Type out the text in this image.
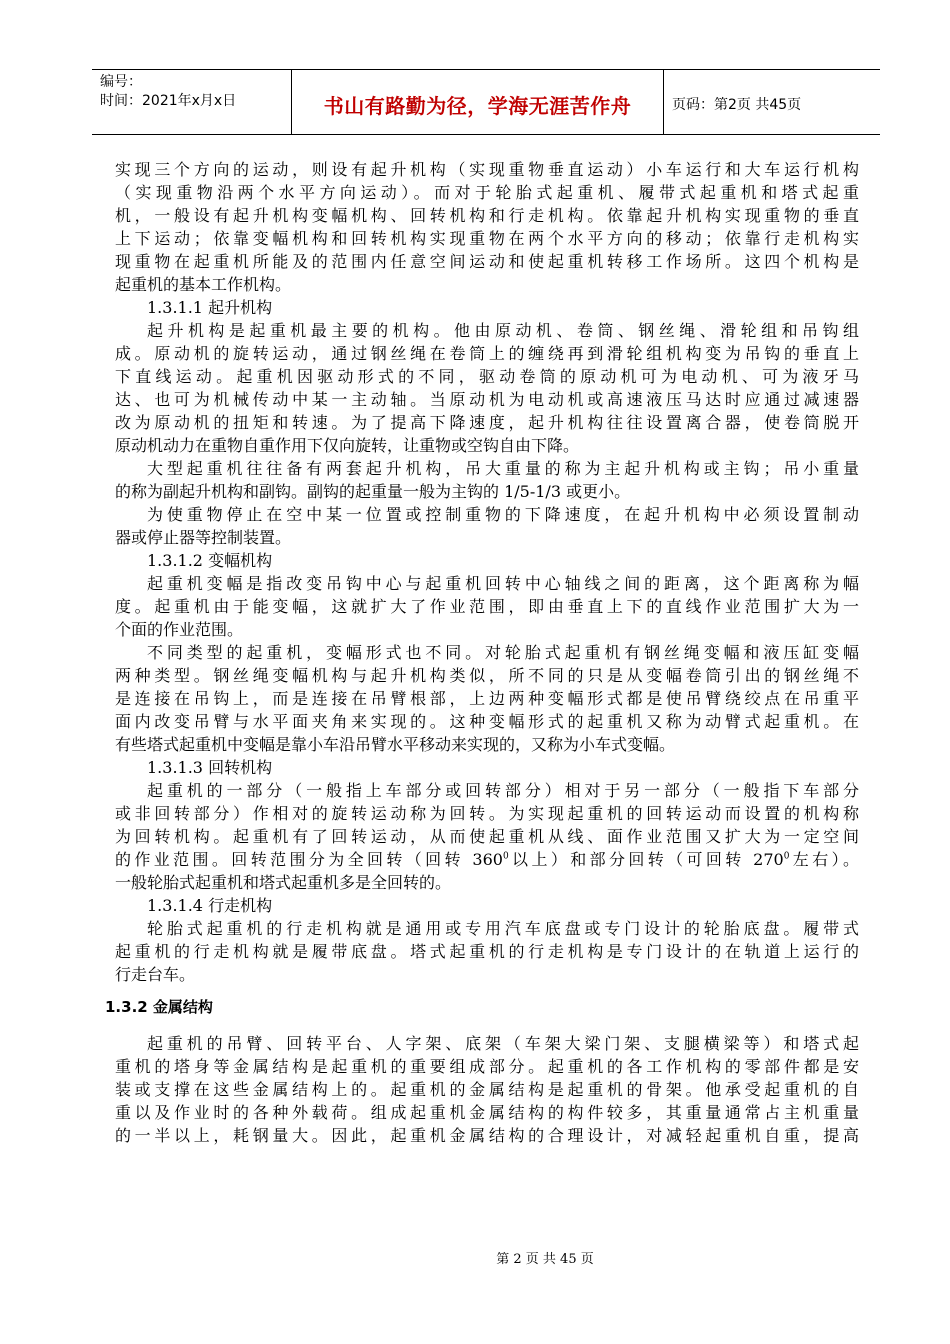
编号：
时间：2021年x月x日	书山有路勤为径，学海无涯苦作舟	页码：第2页 共45页
实现三个方向的运动，则设有起升机构（实现重物垂直运动）小车运行和大车运行机构
（实现重物沿两个水平方向运动）。而对于轮胎式起重机、履带式起重机和塔式起重
机，一般设有起升机构变幅机构、回转机构和行走机构。依靠起升机构实现重物的垂直
上下运动；依靠变幅机构和回转机构实现重物在两个水平方向的移动；依靠行走机构实
现重物在起重机所能及的范围内任意空间运动和使起重机转移工作场所。这四个机构是
起重机的基本工作机构。
1.3.1.1 起升机构
起升机构是起重机最主要的机构。他由原动机、卷筒、钢丝绳、滑轮组和吊钩组
成。原动机的旋转运动，通过钢丝绳在卷筒上的缠绕再到滑轮组机构变为吊钩的垂直上
下直线运动。起重机因驱动形式的不同，驱动卷筒的原动机可为电动机、可为液牙马
达、也可为机械传动中某一主动轴。当原动机为电动机或高速液压马达时应通过减速器
改为原动机的扭矩和转速。为了提高下降速度，起升机构往往设置离合器，使卷筒脱开
原动机动力在重物自重作用下仅向旋转，让重物或空钩自由下降。
大型起重机往往备有两套起升机构，吊大重量的称为主起升机构或主钩；吊小重量
的称为副起升机构和副钩。副钩的起重量一般为主钩的 1/5-1/3 或更小。
为使重物停止在空中某一位置或控制重物的下降速度，在起升机构中必须设置制动
器或停止器等控制装置。
1.3.1.2 变幅机构
起重机变幅是指改变吊钩中心与起重机回转中心轴线之间的距离，这个距离称为幅
度。起重机由于能变幅，这就扩大了作业范围，即由垂直上下的直线作业范围扩大为一
个面的作业范围。
不同类型的起重机，变幅形式也不同。对轮胎式起重机有钢丝绳变幅和液压缸变幅
两种类型。钢丝绳变幅机构与起升机构类似，所不同的只是从变幅卷筒引出的钢丝绳不
是连接在吊钩上，而是连接在吊臂根部，上边两种变幅形式都是使吊臂绕绞点在吊重平
面内改变吊臂与水平面夹角来实现的。这种变幅形式的起重机又称为动臂式起重机。在
有些塔式起重机中变幅是靠小车沿吊臂水平移动来实现的，又称为小车式变幅。
1.3.1.3 回转机构
起重机的一部分（一般指上车部分或回转部分）相对于另一部分（一般指下车部分
或非回转部分）作相对的旋转运动称为回转。为实现起重机的回转运动而设置的机构称
为回转机构。起重机有了回转运动，从而使起重机从线、面作业范围又扩大为一定空间
的作业范围。回转范围分为全回转（回转 $360^0$以上）和部分回转（可回转 $270^0$左右）。
一般轮胎式起重机和塔式起重机多是全回转的。
1.3.1.4 行走机构
轮胎式起重机的行走机构就是通用或专用汽车底盘或专门设计的轮胎底盘。履带式
起重机的行走机构就是履带底盘。塔式起重机的行走机构是专门设计的在轨道上运行的
行走台车。
1.3.2 金属结构
起重机的吊臂、回转平台、人字架、底架（车架大梁门架、支腿横梁等）和塔式起
重机的塔身等金属结构是起重机的重要组成部分。起重机的各工作机构的零部件都是安
装或支撑在这些金属结构上的。起重机的金属结构是起重机的骨架。他承受起重机的自
重以及作业时的各种外载荷。组成起重机金属结构的构件较多，其重量通常占主机重量
的一半以上，耗钢量大。因此，起重机金属结构的合理设计，对减轻起重机自重，提高
第 2 页 共 45 页
